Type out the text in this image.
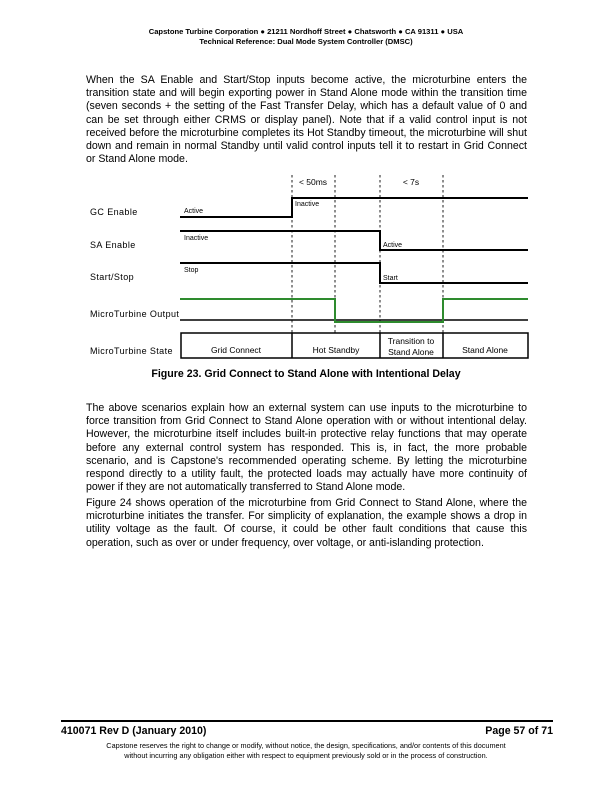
Capstone Turbine Corporation ● 21211 Nordhoff Street ● Chatsworth ● CA 91311 ● USA
Technical Reference: Dual Mode System Controller (DMSC)
When the SA Enable and Start/Stop inputs become active, the microturbine enters the transition state and will begin exporting power in Stand Alone mode within the transition time (seven seconds + the setting of the Fast Transfer Delay, which has a default value of 0 and can be set through either CRMS or display panel). Note that if a valid control input is not received before the microturbine completes its Hot Standby timeout, the microturbine will shut down and remain in normal Standby until valid control inputs tell it to restart in Grid Connect or Stand Alone mode.
< 50ms	< 7s
GC Enable	Active
Inactive
SA Enable
Inactive
Active
Start/Stop
Stop
Start
MicroTurbine Output
MicroTurbine State	Grid Connect	Hot Standby
Transition to
Stand Alone	Stand Alone
Figure 23. Grid Connect to Stand Alone with Intentional Delay
The above scenarios explain how an external system can use inputs to the microturbine to force transition from Grid Connect to Stand Alone operation with or without intentional delay. However, the microturbine itself includes built-in protective relay functions that may operate before any external control system has responded. This is, in fact, the more probable scenario, and is Capstone's recommended operating scheme. By letting the microturbine respond directly to a utility fault, the protected loads may actually have more continuity of power if they are not automatically transferred to Stand Alone mode.
Figure 24 shows operation of the microturbine from Grid Connect to Stand Alone, where the microturbine initiates the transfer. For simplicity of explanation, the example shows a drop in utility voltage as the fault. Of course, it could be other fault conditions that cause this operation, such as over or under frequency, over voltage, or anti-islanding protection.
410071 Rev D (January 2010)	Page 57 of 71
Capstone reserves the right to change or modify, without notice, the design, specifications, and/or contents of this document
without incurring any obligation either with respect to equipment previously sold or in the process of construction.
